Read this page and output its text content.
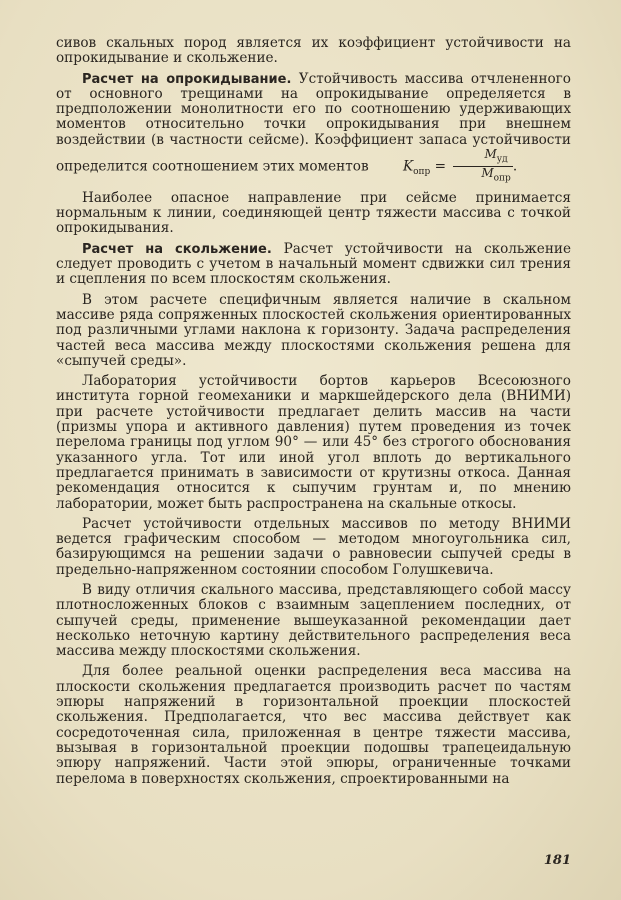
сивов скальных пород является их коэффициент устойчивости на опрокидывание и скольжение.

Расчет на опрокидывание. Устойчивость массива отчлененного от основного трещинами на опрокидывание определяется в предположении монолитности его по соотношению удерживающих моментов относительно точки опрокидывания при внешнем воздействии (в частности сейсме). Коэффициент запаса устойчивости определится соотношением этих моментов	$K_{опр} = \frac{M_{уд}}{M_{опр}}$ .

Наиболее опасное направление при сейсме принимается нормальным к линии, соединяющей центр тяжести массива с точкой опрокидывания.

Расчет на скольжение. Расчет устойчивости на скольжение следует проводить с учетом в начальный момент сдвижки сил трения и сцепления по всем плоскостям скольжения.

В этом расчете специфичным является наличие в скальном массиве ряда сопряженных плоскостей скольжения ориентированных под различными углами наклона к горизонту. Задача распределения частей веса массива между плоскостями скольжения решена для «сыпучей среды».

Лаборатория устойчивости бортов карьеров Всесоюзного института горной геомеханики и маркшейдерского дела (ВНИМИ) при расчете устойчивости предлагает делить массив на части (призмы упора и активного давления) путем проведения из точек перелома границы под углом 90° — или 45° без строгого обоснования указанного угла. Тот или иной угол вплоть до вертикального предлагается принимать в зависимости от крутизны откоса. Данная рекомендация относится к сыпучим грунтам и, по мнению лаборатории, может быть распространена на скальные откосы.

Расчет устойчивости отдельных массивов по методу ВНИМИ ведется графическим способом — методом многоугольника сил, базирующимся на решении задачи о равновесии сыпучей среды в предельно-напряженном состоянии способом Голушкевича.

В виду отличия скального массива, представляющего собой массу плотносложенных блоков с взаимным зацеплением последних, от сыпучей среды, применение вышеуказанной рекомендации дает несколько неточную картину действительного распределения веса массива между плоскостями скольжения.

Для более реальной оценки распределения веса массива на плоскости скольжения предлагается производить расчет по частям эпюры напряжений в горизонтальной проекции плоскостей скольжения. Предполагается, что вес массива действует как сосредоточенная сила, приложенная в центре тяжести массива, вызывая в горизонтальной проекции подошвы трапецеидальную эпюру напряжений. Части этой эпюры, ограниченные точками перелома в поверхностях скольжения, спроектированными на

181
